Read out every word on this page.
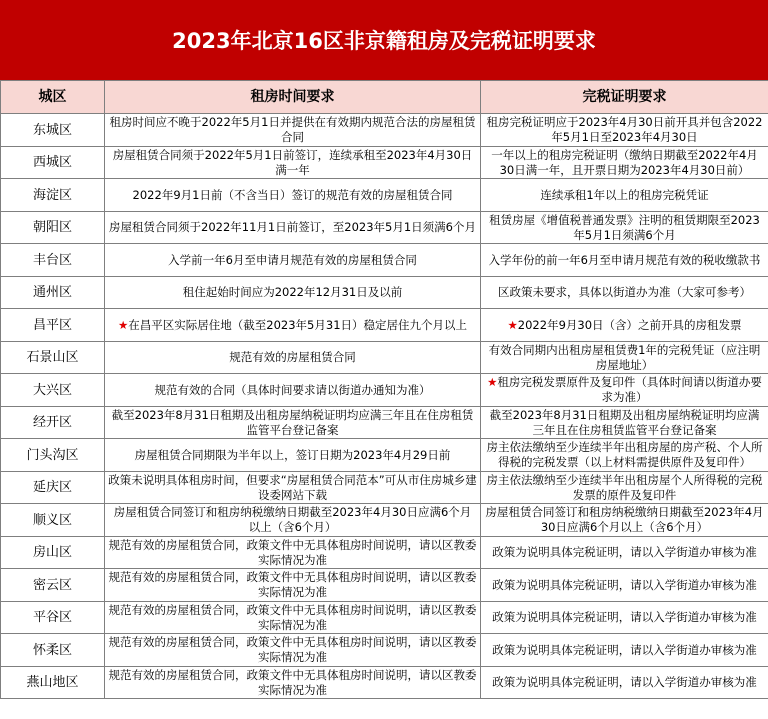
2023年北京16区非京籍租房及完税证明要求
城区	租房时间要求	完税证明要求
东城区	租房时间应不晚于2022年5月1日并提供在有效期内规范合法的房屋租赁合同	租房完税证明应于2023年4月30日前开具并包含2022年5月1日至2023年4月30日
西城区	房屋租赁合同须于2022年5月1日前签订，连续承租至2023年4月30日满一年	一年以上的租房完税证明（缴纳日期截至2022年4月30日满一年，且开票日期为2023年4月30日前）
海淀区	2022年9月1日前（不含当日）签订的规范有效的房屋租赁合同	连续承租1年以上的租房完税凭证
朝阳区	房屋租赁合同须于2022年11月1日前签订，至2023年5月1日须满6个月	租赁房屋《增值税普通发票》注明的租赁期限至2023年5月1日须满6个月
丰台区	入学前一年6月至申请月规范有效的房屋租赁合同	入学年份的前一年6月至申请月规范有效的税收缴款书
通州区	租住起始时间应为2022年12月31日及以前	区政策未要求，具体以街道办为准（大家可参考）
昌平区	★在昌平区实际居住地（截至2023年5月31日）稳定居住九个月以上	★2022年9月30日（含）之前开具的房租发票
石景山区	规范有效的房屋租赁合同	有效合同期内出租房屋租赁费1年的完税凭证（应注明房屋地址）
大兴区	规范有效的合同（具体时间要求请以街道办通知为准）	★租房完税发票原件及复印件（具体时间请以街道办要求为准）
经开区	截至2023年8月31日租期及出租房屋纳税证明均应满三年且在住房租赁监管平台登记备案	截至2023年8月31日租期及出租房屋纳税证明均应满三年且在住房租赁监管平台登记备案
门头沟区	房屋租赁合同期限为半年以上，签订日期为2023年4月29日前	房主依法缴纳至少连续半年出租房屋的房产税、个人所得税的完税发票（以上材料需提供原件及复印件）
延庆区	政策未说明具体租房时间，但要求“房屋租赁合同范本”可从市住房城乡建设委网站下载	房主依法缴纳至少连续半年出租房屋个人所得税的完税发票的原件及复印件
顺义区	房屋租赁合同签订和租房纳税缴纳日期截至2023年4月30日应满6个月以上（含6个月）	房屋租赁合同签订和租房纳税缴纳日期截至2023年4月30日应满6个月以上（含6个月）
房山区	规范有效的房屋租赁合同，政策文件中无具体租房时间说明，请以区教委实际情况为准	政策为说明具体完税证明，请以入学街道办审核为准
密云区	规范有效的房屋租赁合同，政策文件中无具体租房时间说明，请以区教委实际情况为准	政策为说明具体完税证明，请以入学街道办审核为准
平谷区	规范有效的房屋租赁合同，政策文件中无具体租房时间说明，请以区教委实际情况为准	政策为说明具体完税证明，请以入学街道办审核为准
怀柔区	规范有效的房屋租赁合同，政策文件中无具体租房时间说明，请以区教委实际情况为准	政策为说明具体完税证明，请以入学街道办审核为准
燕山地区	规范有效的房屋租赁合同，政策文件中无具体租房时间说明，请以区教委实际情况为准	政策为说明具体完税证明，请以入学街道办审核为准
